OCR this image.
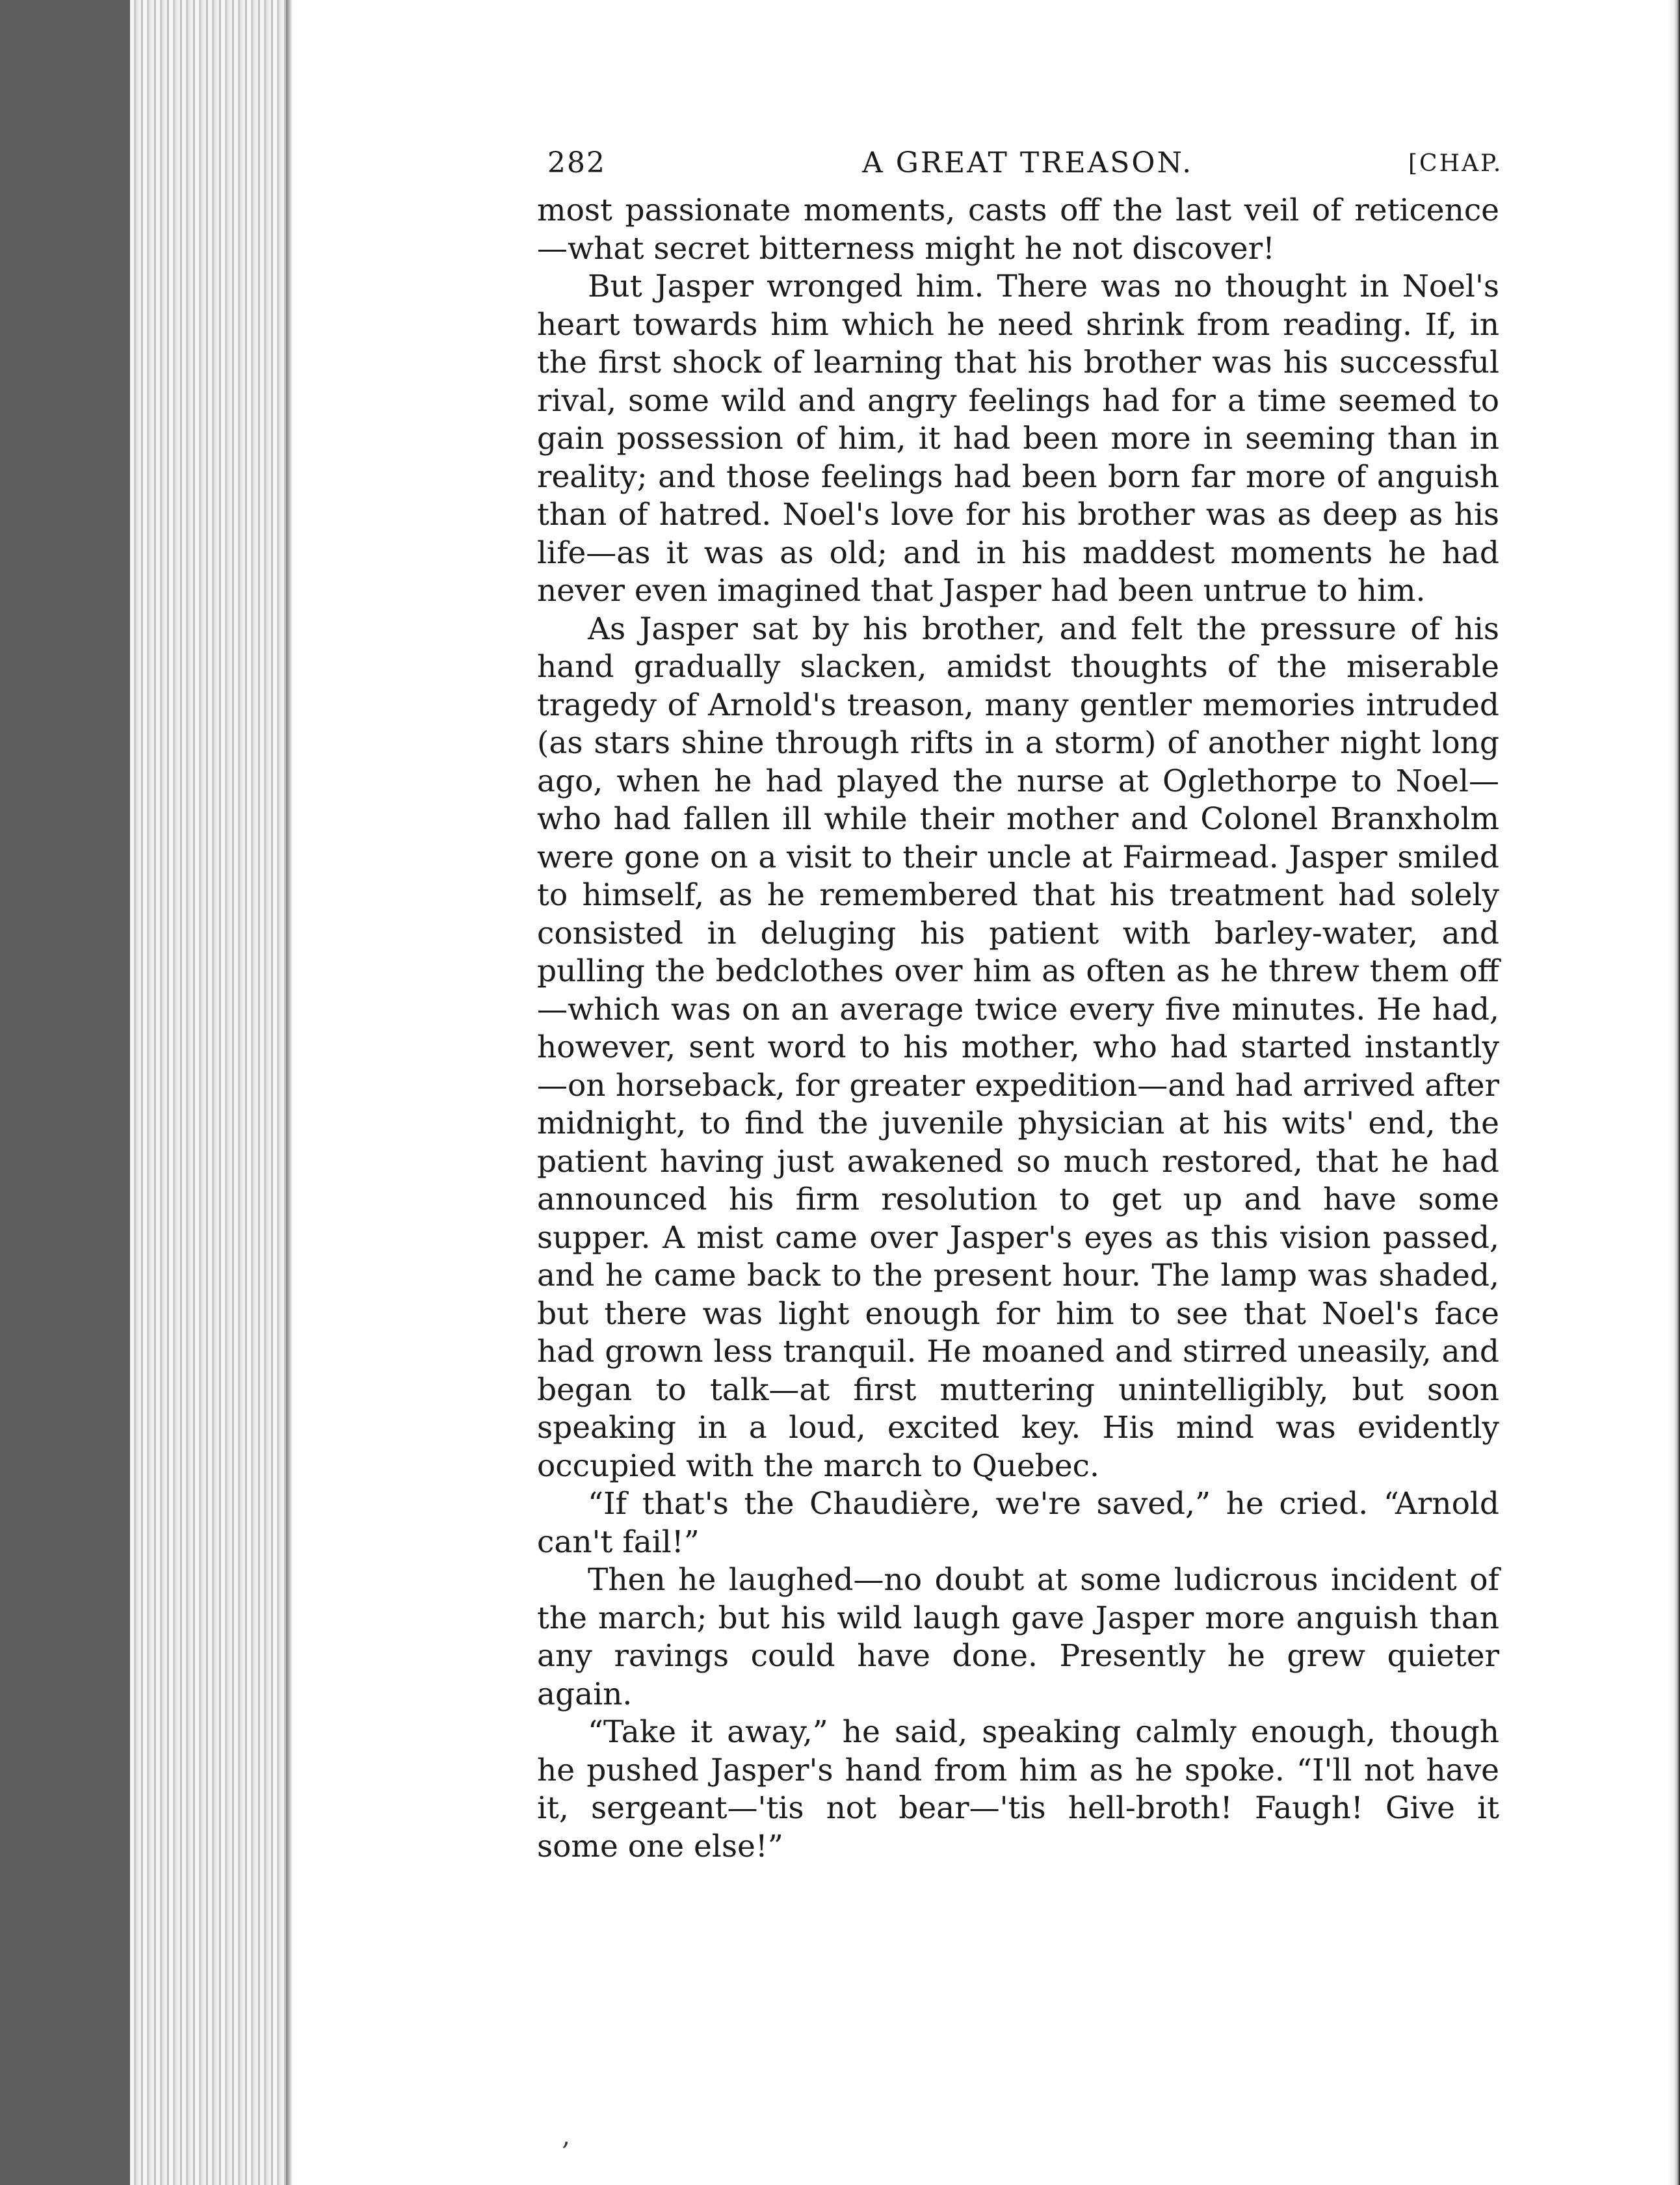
282	A GREAT TREASON.	[CHAP.

most passionate moments, casts off the last veil of reticence—what secret bitterness might he not discover!

But Jasper wronged him. There was no thought in Noel's heart towards him which he need shrink from reading. If, in the first shock of learning that his brother was his successful rival, some wild and angry feelings had for a time seemed to gain possession of him, it had been more in seeming than in reality; and those feelings had been born far more of anguish than of hatred. Noel's love for his brother was as deep as his life—as it was as old; and in his maddest moments he had never even imagined that Jasper had been untrue to him.

As Jasper sat by his brother, and felt the pressure of his hand gradually slacken, amidst thoughts of the miserable tragedy of Arnold's treason, many gentler memories intruded (as stars shine through rifts in a storm) of another night long ago, when he had played the nurse at Oglethorpe to Noel—who had fallen ill while their mother and Colonel Branxholm were gone on a visit to their uncle at Fairmead. Jasper smiled to himself, as he remembered that his treatment had solely consisted in deluging his patient with barley-water, and pulling the bedclothes over him as often as he threw them off—which was on an average twice every five minutes. He had, however, sent word to his mother, who had started instantly—on horseback, for greater expedition—and had arrived after midnight, to find the juvenile physician at his wits' end, the patient having just awakened so much restored, that he had announced his firm resolution to get up and have some supper. A mist came over Jasper's eyes as this vision passed, and he came back to the present hour. The lamp was shaded, but there was light enough for him to see that Noel's face had grown less tranquil. He moaned and stirred uneasily, and began to talk—at first muttering unintelligibly, but soon speaking in a loud, excited key. His mind was evidently occupied with the march to Quebec.

“If that's the Chaudière, we're saved,” he cried. “Arnold can't fail!”

Then he laughed—no doubt at some ludicrous incident of the march; but his wild laugh gave Jasper more anguish than any ravings could have done. Presently he grew quieter again.

“Take it away,” he said, speaking calmly enough, though he pushed Jasper's hand from him as he spoke. “I'll not have it, sergeant—'tis not bear—'tis hell-broth! Faugh! Give it some one else!”

‚
